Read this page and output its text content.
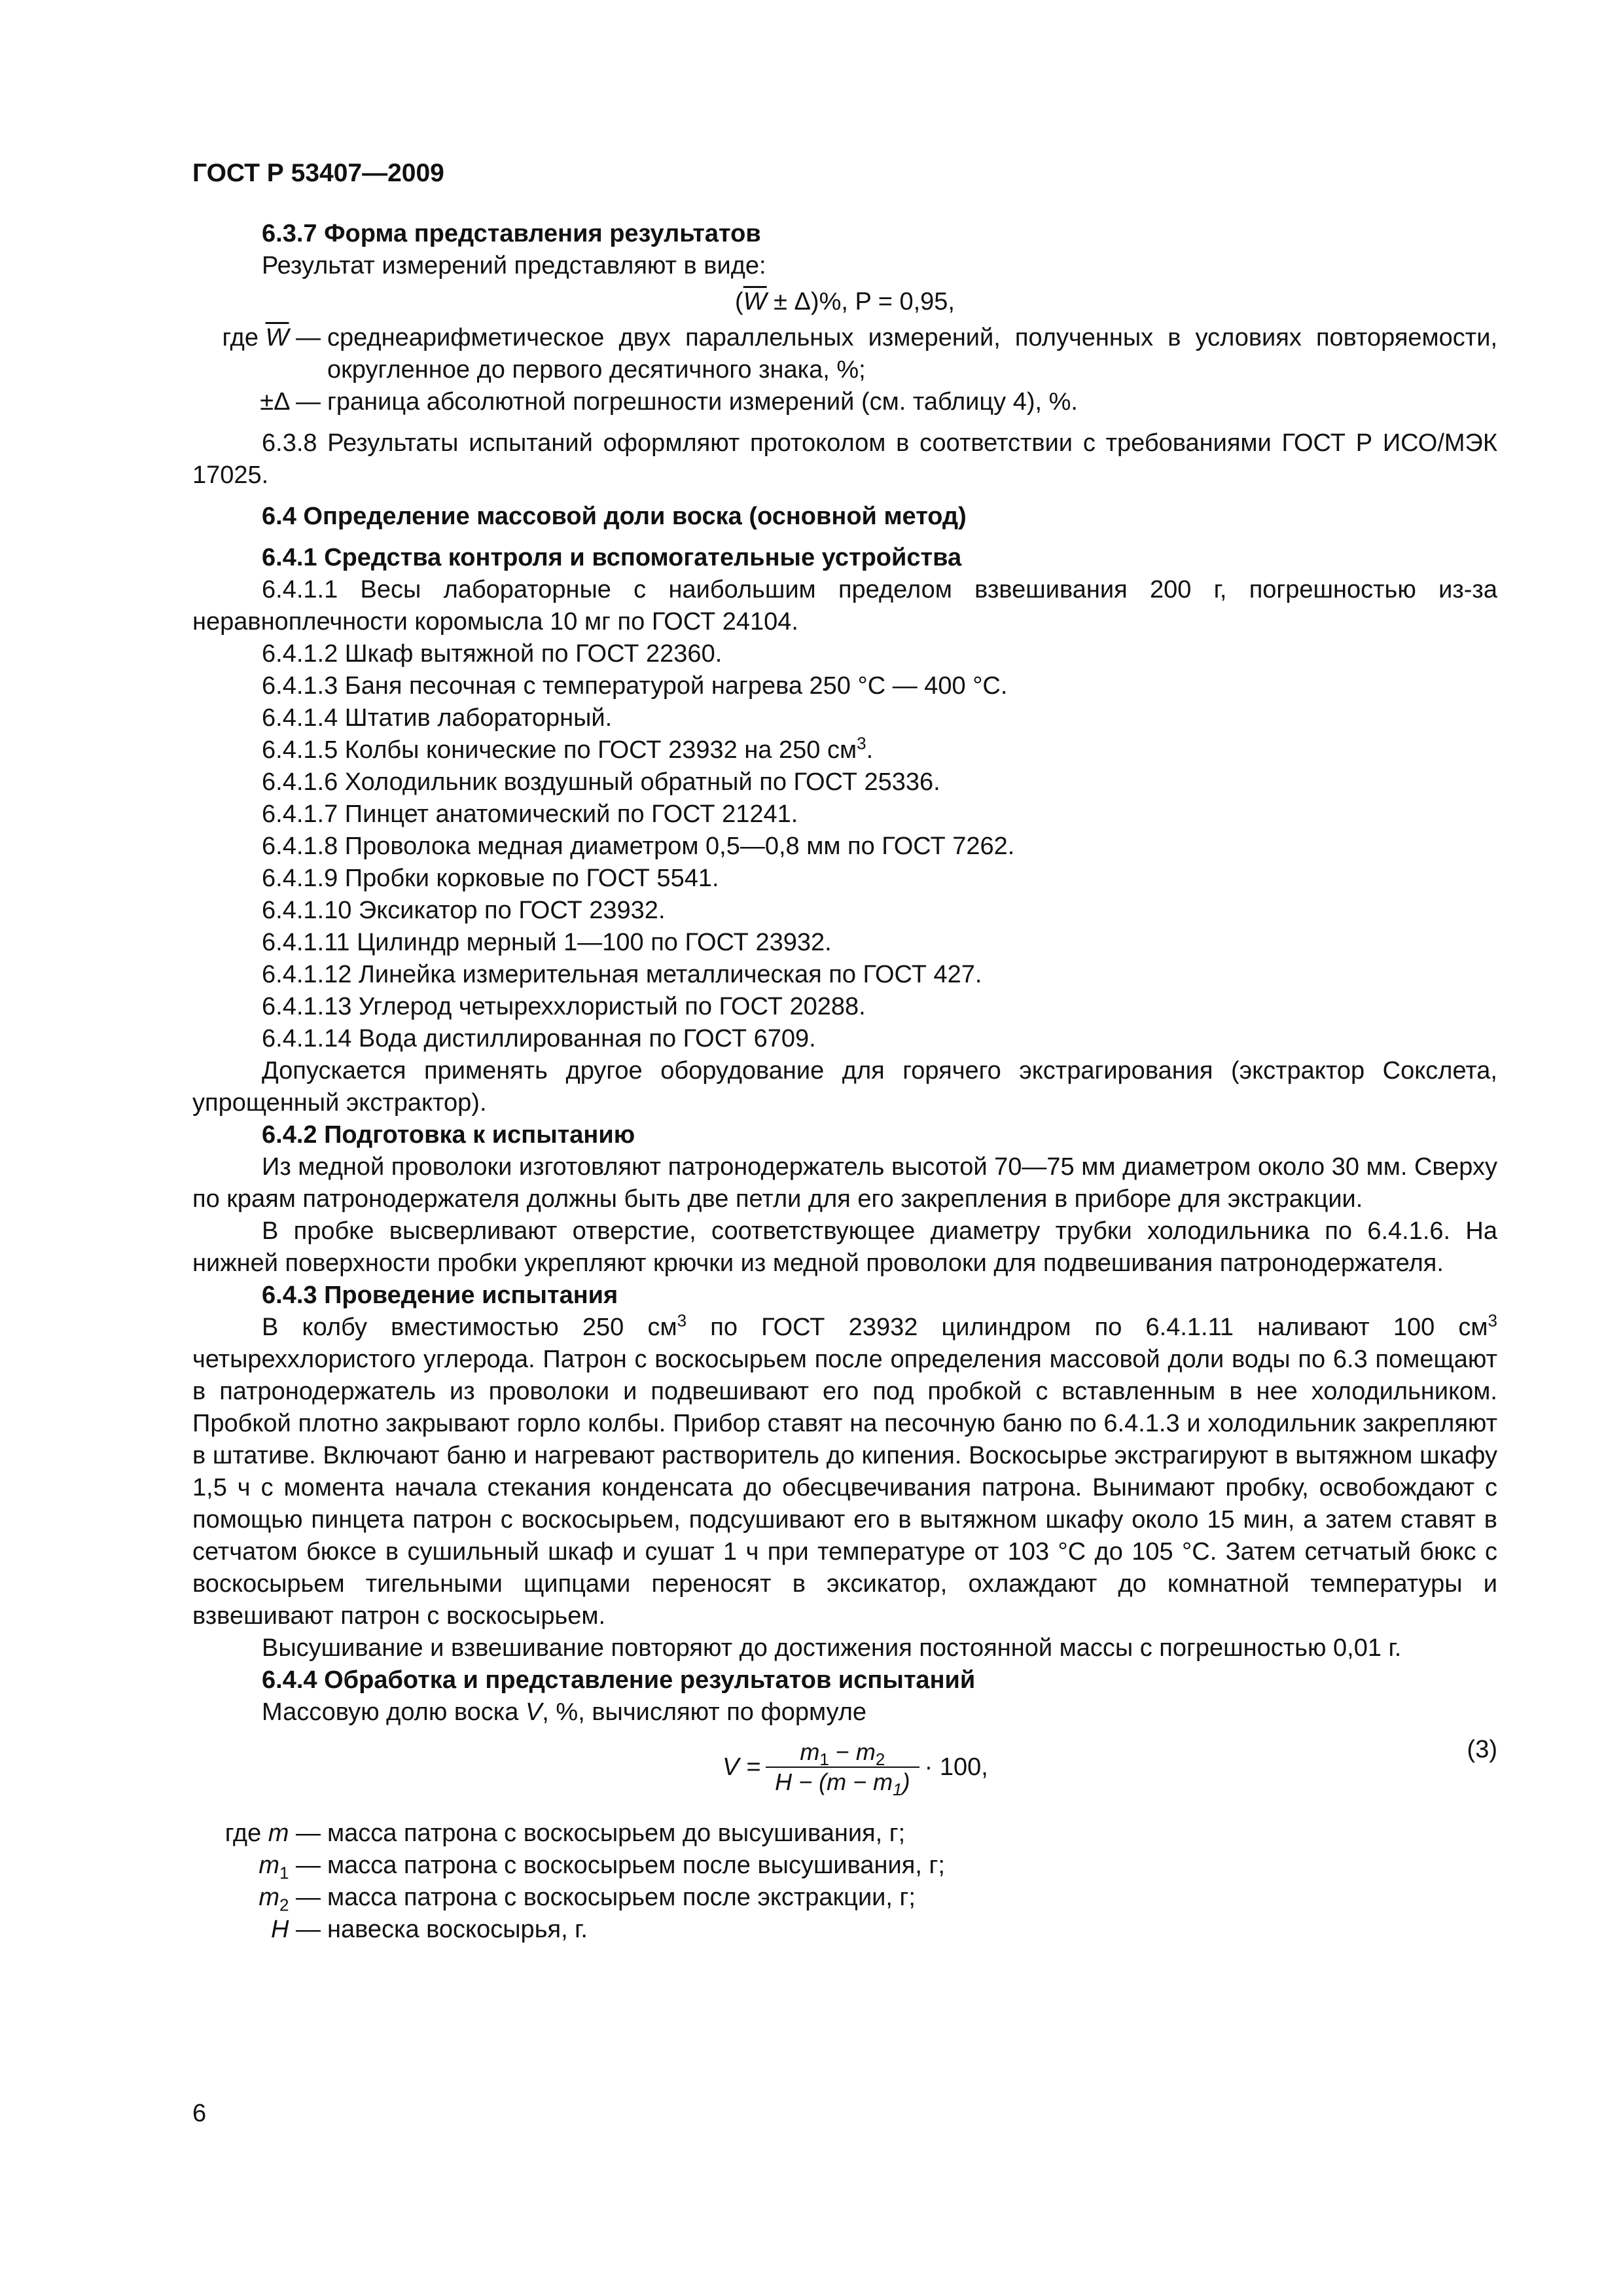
ГОСТ Р 53407—2009

6.3.7 Форма представления результатов

Результат измерений представляют в виде:

$(\overline{W} \pm \Delta)\%$, P = 0,95,
где $\overline{W}$ — среднеарифметическое двух параллельных измерений, полученных в условиях повторяемости, округленное до первого десятичного знака, %;
±Δ — граница абсолютной погрешности измерений (см. таблицу 4), %.

6.3.8 Результаты испытаний оформляют протоколом в соответствии с требованиями ГОСТ Р ИСО/МЭК 17025.

6.4 Определение массовой доли воска (основной метод)

6.4.1 Средства контроля и вспомогательные устройства

6.4.1.1 Весы лабораторные с наибольшим пределом взвешивания 200 г, погрешностью из-за неравноплечности коромысла 10 мг по ГОСТ 24104.

6.4.1.2 Шкаф вытяжной по ГОСТ 22360.

6.4.1.3 Баня песочная с температурой нагрева 250 °С — 400 °С.

6.4.1.4 Штатив лабораторный.

6.4.1.5 Колбы конические по ГОСТ 23932 на 250 $см^3$.

6.4.1.6 Холодильник воздушный обратный по ГОСТ 25336.

6.4.1.7 Пинцет анатомический по ГОСТ 21241.

6.4.1.8 Проволока медная диаметром 0,5—0,8 мм по ГОСТ 7262.

6.4.1.9 Пробки корковые по ГОСТ 5541.

6.4.1.10 Эксикатор по ГОСТ 23932.

6.4.1.11 Цилиндр мерный 1—100 по ГОСТ 23932.

6.4.1.12 Линейка измерительная металлическая по ГОСТ 427.

6.4.1.13 Углерод четыреххлористый по ГОСТ 20288.

6.4.1.14 Вода дистиллированная по ГОСТ 6709.

Допускается применять другое оборудование для горячего экстрагирования (экстрактор Сокслета, упрощенный экстрактор).

6.4.2 Подготовка к испытанию

Из медной проволоки изготовляют патронодержатель высотой 70—75 мм диаметром около 30 мм. Сверху по краям патронодержателя должны быть две петли для его закрепления в приборе для экстракции.

В пробке высверливают отверстие, соответствующее диаметру трубки холодильника по 6.4.1.6. На нижней поверхности пробки укрепляют крючки из медной проволоки для подвешивания патронодержателя.

6.4.3 Проведение испытания

В колбу вместимостью 250 $см^3$ по ГОСТ 23932 цилиндром по 6.4.1.11 наливают 100 $см^3$ четыреххлористого углерода. Патрон с воскосырьем после определения массовой доли воды по 6.3 помещают в патронодержатель из проволоки и подвешивают его под пробкой с вставленным в нее холодильником. Пробкой плотно закрывают горло колбы. Прибор ставят на песочную баню по 6.4.1.3 и холодильник закрепляют в штативе. Включают баню и нагревают растворитель до кипения. Воскосырье экстрагируют в вытяжном шкафу 1,5 ч с момента начала стекания конденсата до обесцвечивания патрона. Вынимают пробку, освобождают с помощью пинцета патрон с воскосырьем, подсушивают его в вытяжном шкафу около 15 мин, а затем ставят в сетчатом бюксе в сушильный шкаф и сушат 1 ч при температуре от 103 °С до 105 °С. Затем сетчатый бюкс с воскосырьем тигельными щипцами переносят в эксикатор, охлаждают до комнатной температуры и взвешивают патрон с воскосырьем.

Высушивание и взвешивание повторяют до достижения постоянной массы с погрешностью 0,01 г.

6.4.4 Обработка и представление результатов испытаний

Массовую долю воска V, %, вычисляют по формуле

$V = \frac{m_1 - m_2}{H - (m - m_1)} \cdot 100$,
(3)
где m — масса патрона с воскосырьем до высушивания, г;
$m_1$ — масса патрона с воскосырьем после высушивания, г;
$m_2$ — масса патрона с воскосырьем после экстракции, г;
H — навеска воскосырья, г.
6
